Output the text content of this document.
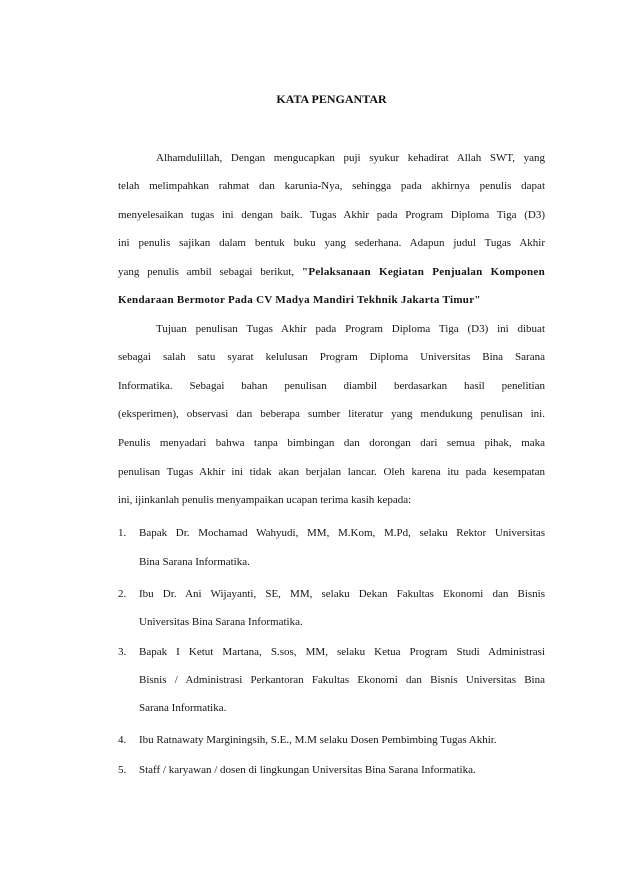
KATA PENGANTAR
Alhamdulillah, Dengan mengucapkan puji syukur kehadirat Allah SWT, yang
telah melimpahkan rahmat dan karunia-Nya, sehingga pada akhirnya penulis dapat
menyelesaikan tugas ini dengan baik. Tugas Akhir pada Program Diploma Tiga (D3)
ini penulis sajikan dalam bentuk buku yang sederhana. Adapun judul Tugas Akhir
yang penulis ambil sebagai berikut, "Pelaksanaan Kegiatan Penjualan Komponen
Kendaraan Bermotor Pada CV Madya Mandiri Tekhnik Jakarta Timur"
Tujuan penulisan Tugas Akhir pada Program Diploma Tiga (D3) ini dibuat
sebagai salah satu syarat kelulusan Program Diploma Universitas Bina Sarana
Informatika. Sebagai bahan penulisan diambil berdasarkan hasil penelitian
(eksperimen), observasi dan beberapa sumber literatur yang mendukung penulisan ini.
Penulis menyadari bahwa tanpa bimbingan dan dorongan dari semua pihak, maka
penulisan Tugas Akhir ini tidak akan berjalan lancar. Oleh karena itu pada kesempatan
ini, ijinkanlah penulis menyampaikan ucapan terima kasih kepada:
1.	Bapak Dr. Mochamad Wahyudi, MM, M.Kom, M.Pd, selaku Rektor Universitas
Bina Sarana Informatika.
2.	Ibu Dr. Ani Wijayanti, SE, MM, selaku Dekan Fakultas Ekonomi dan Bisnis
Universitas Bina Sarana Informatika.
3.	Bapak I Ketut Martana, S.sos, MM, selaku Ketua Program Studi Administrasi
Bisnis / Administrasi Perkantoran Fakultas Ekonomi dan Bisnis Universitas Bina
Sarana Informatika.
4.	Ibu Ratnawaty Marginingsih, S.E., M.M selaku Dosen Pembimbing Tugas Akhir.
5.	Staff / karyawan / dosen di lingkungan Universitas Bina Sarana Informatika.
